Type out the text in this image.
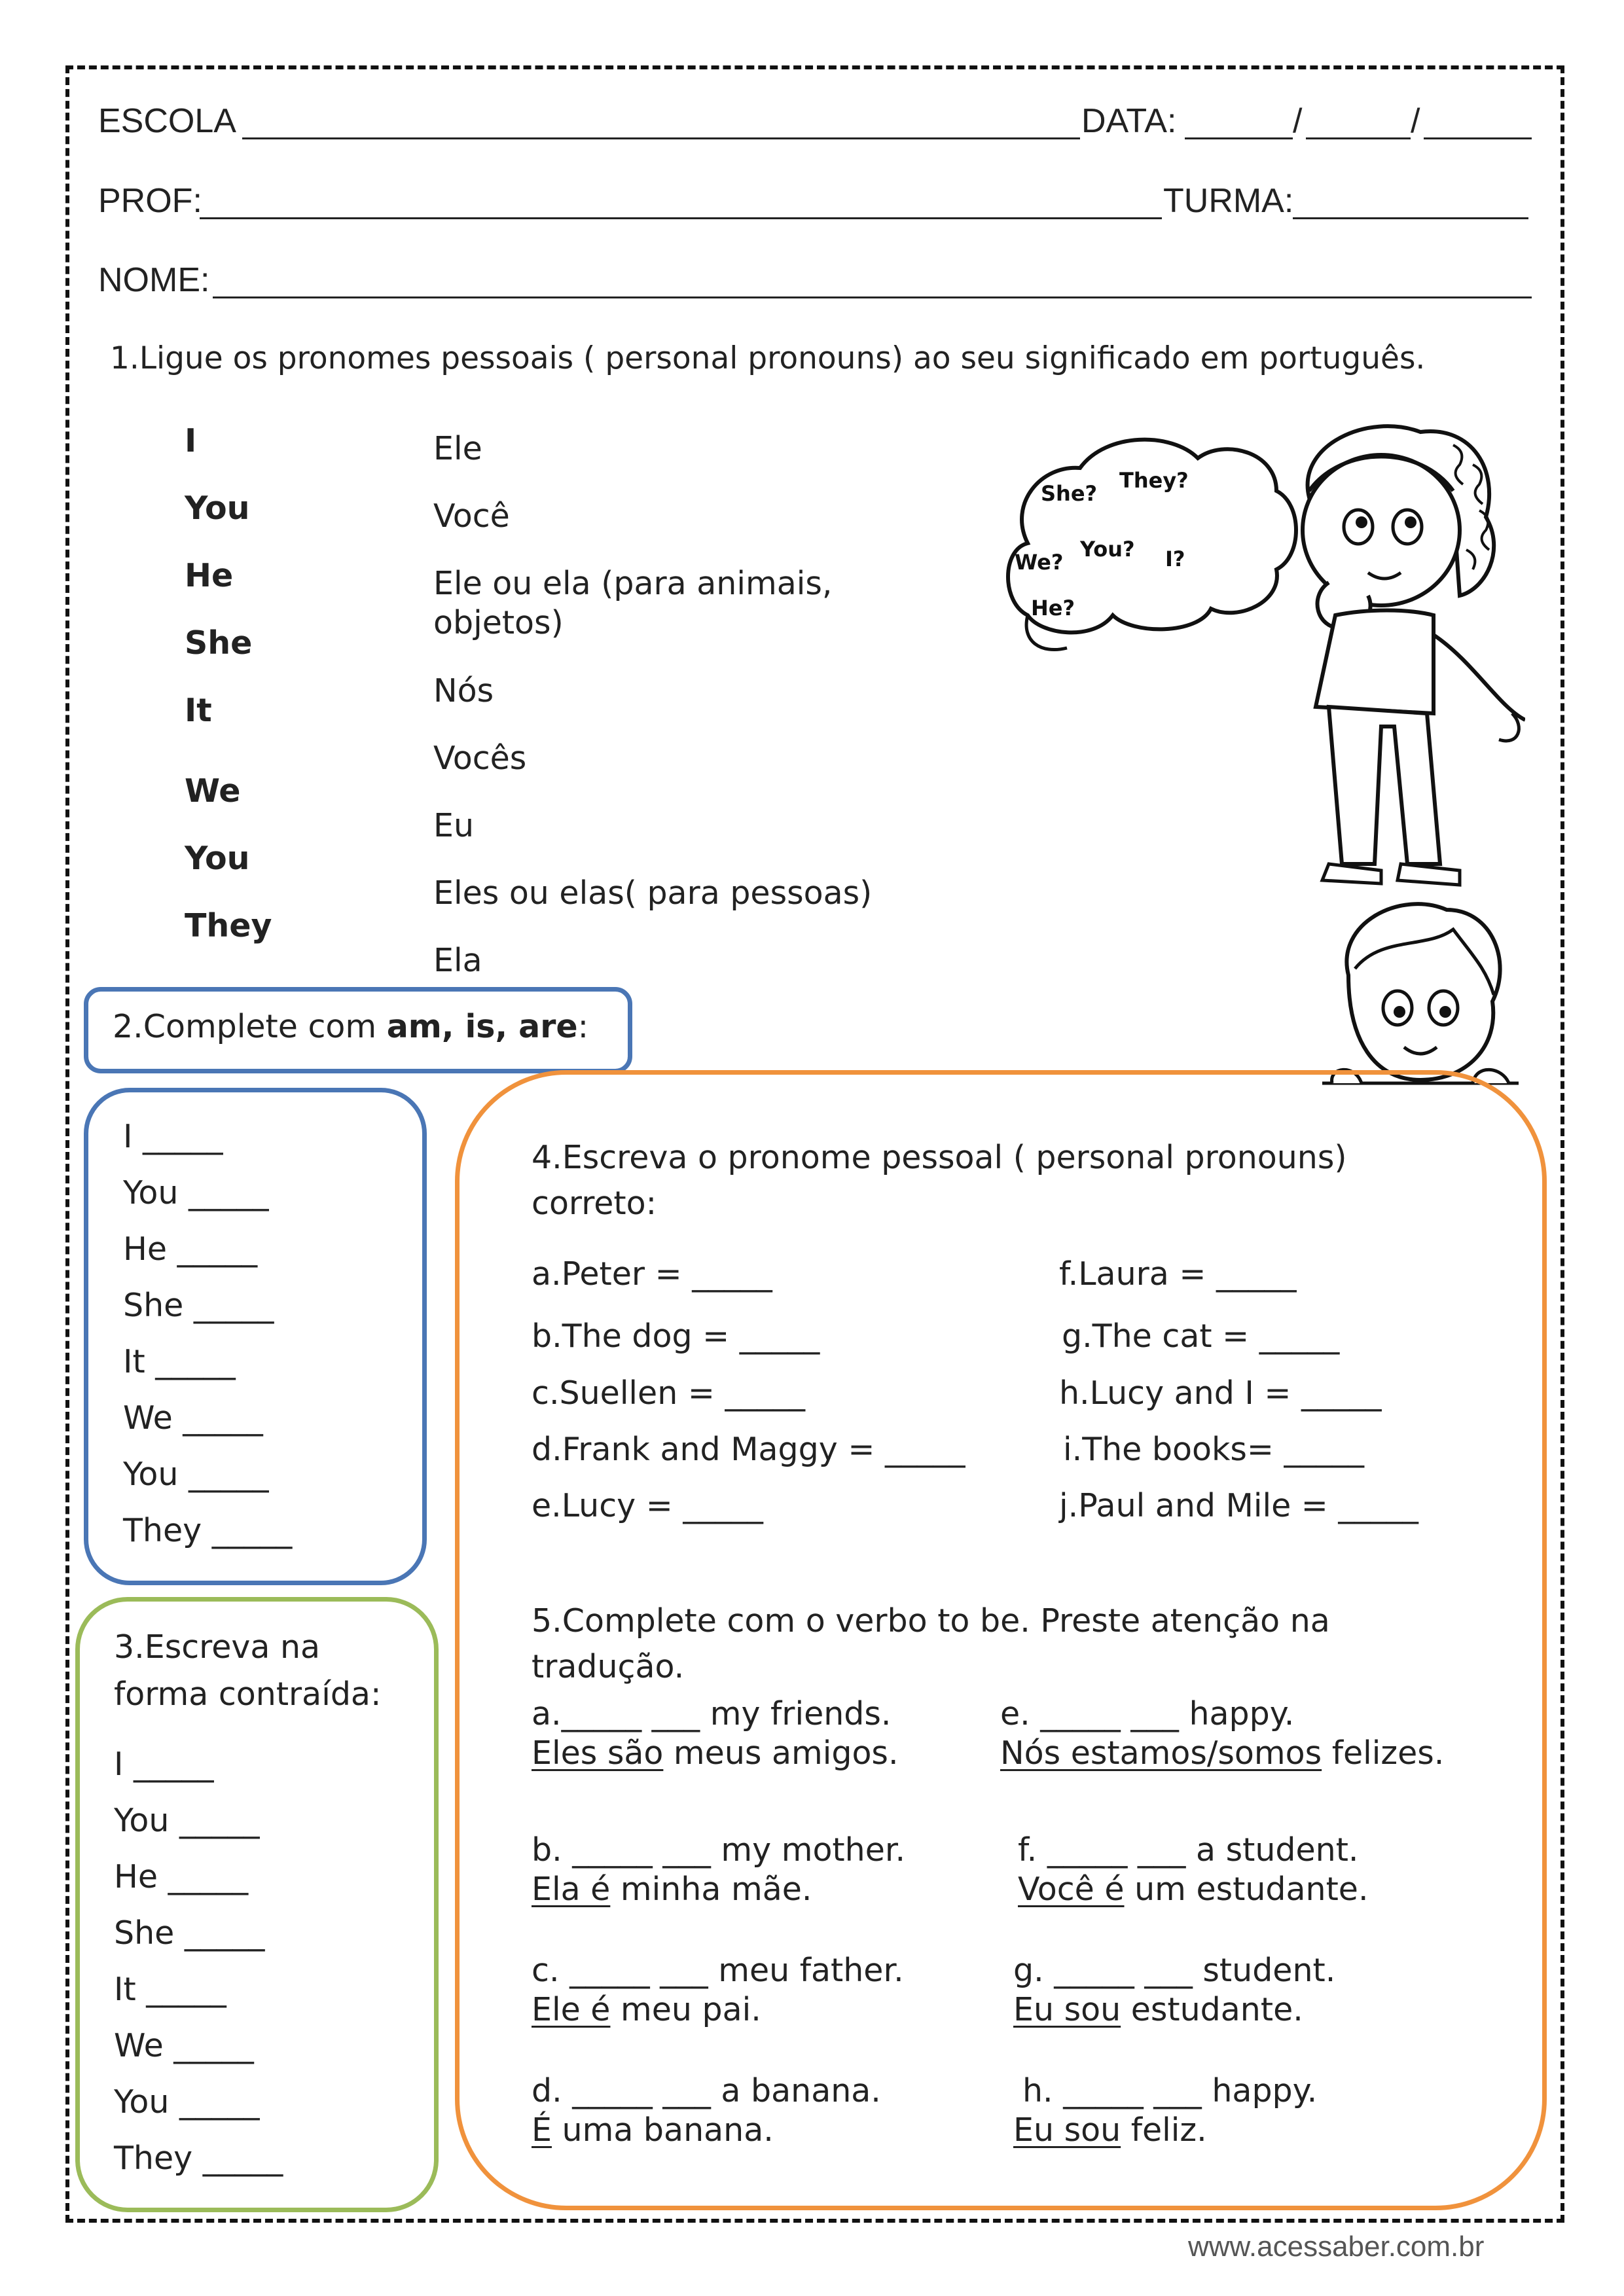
ESCOLA	DATA:	/	/
PROF:	TURMA:
NOME:
1.Ligue os pronomes pessoais ( personal pronouns) ao seu significado em português.
I
You
He
She
It
We
You
They
Ele
Você
Ele ou ela (para animais,
objetos)
Nós
Vocês
Eu
Eles ou elas( para pessoas)
Ela
She?
They?
We?
You? I?
He?
2.Complete com am, is, are:
I _____
You _____
He _____
She _____
It _____
We _____
You _____
They _____
3.Escreva na
forma contraída:
I _____
You _____
He _____
She _____
It _____
We _____
You _____
They _____
4.Escreva o pronome pessoal ( personal pronouns)
correto:
a.Peter = _____
b.The dog = _____
c.Suellen = _____
d.Frank and Maggy = _____
e.Lucy = _____
f.Laura = _____
g.The cat = _____
h.Lucy and I = _____
i.The books= _____
j.Paul and Mile = _____
5.Complete com o verbo to be. Preste atenção na
tradução.
a._____ ___ my friends.
Eles são meus amigos.
e. _____ ___ happy.
Nós estamos/somos felizes.
b. _____ ___ my mother.
Ela é minha mãe.
f. _____ ___ a student.
Você é um estudante.
c. _____ ___ meu father.
Ele é meu pai.
g. _____ ___ student.
Eu sou estudante.
d. _____ ___ a banana.
É uma banana.
h. _____ ___ happy.
Eu sou feliz.
www.acessaber.com.br
